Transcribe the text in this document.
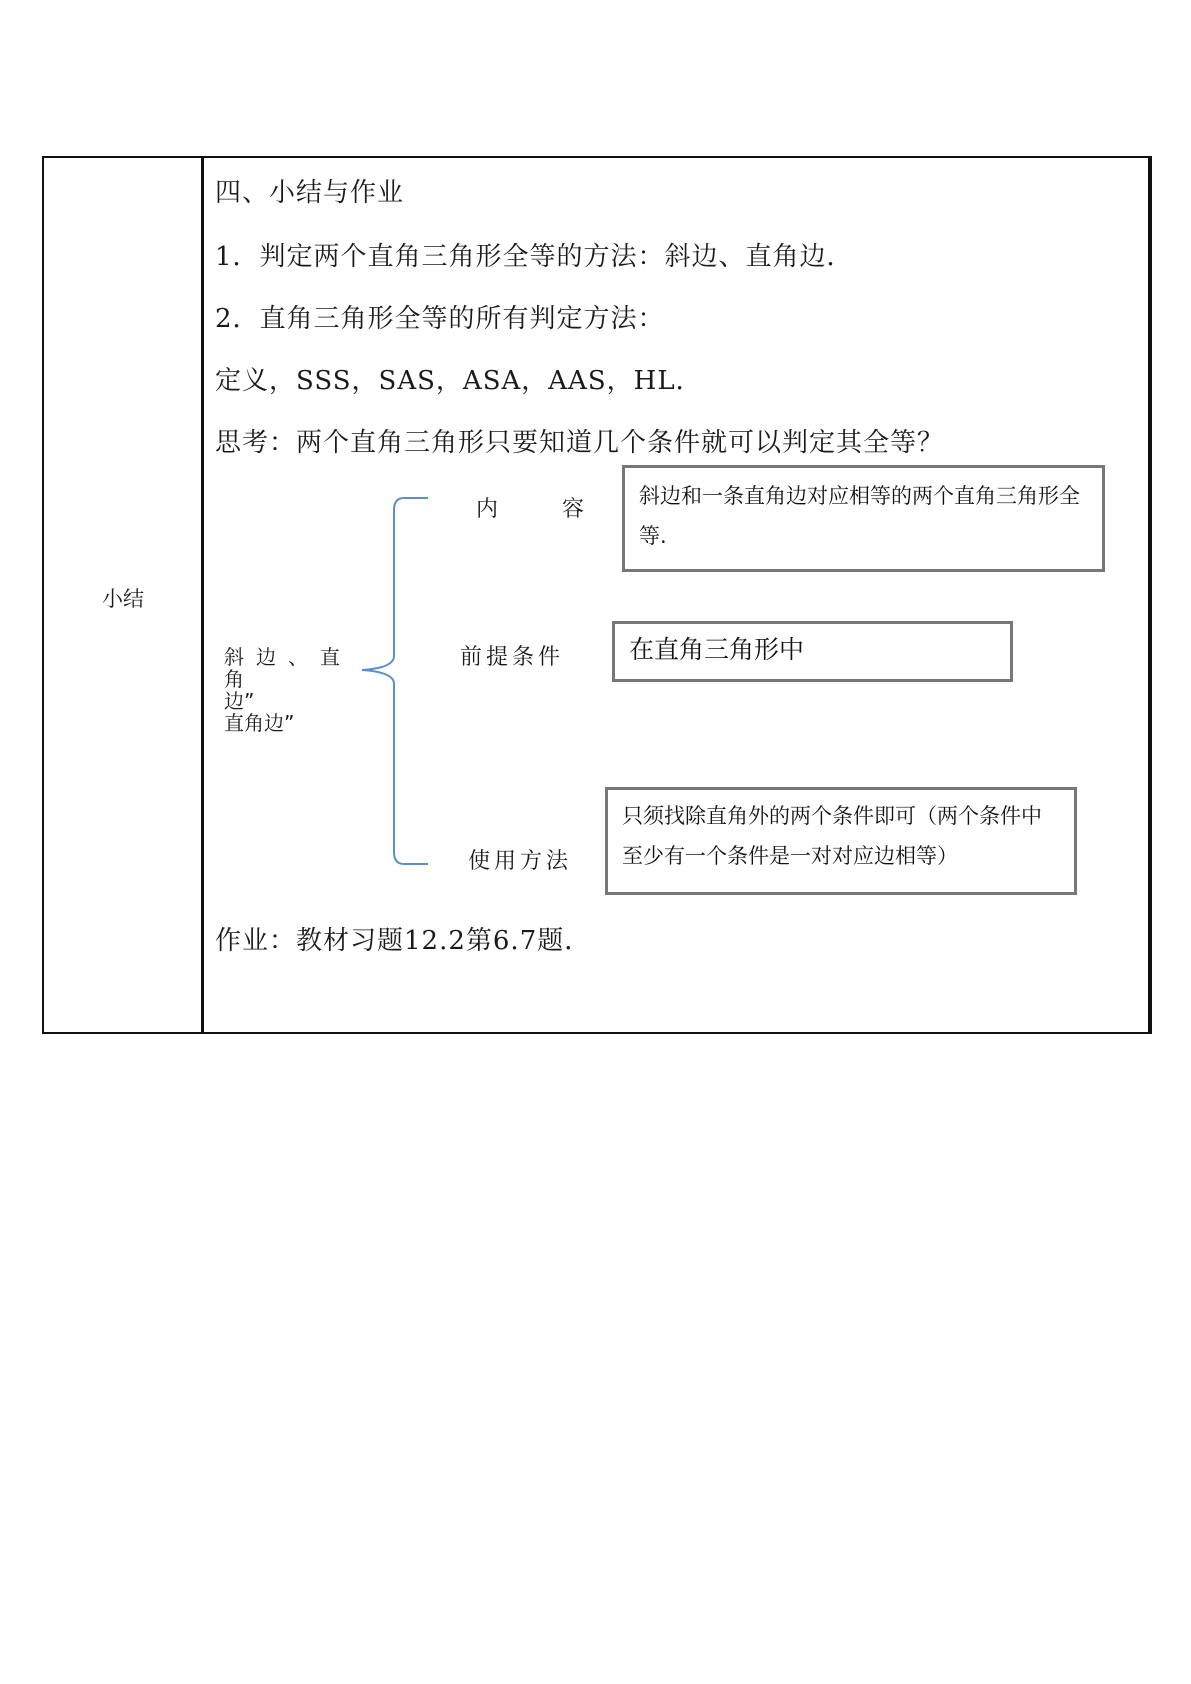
小结
四、小结与作业
1．判定两个直角三角形全等的方法：斜边、直角边．
2．直角三角形全等的所有判定方法：
定义，SSS，SAS，ASA，AAS，HL．
思考：两个直角三角形只要知道几个条件就可以判定其全等？
斜边、直角
边”
直角边”
内	容
前提条件
使用方法
斜边和一条直角边对应相等的两个直角三角形全等.
在直角三角形中
只须找除直角外的两个条件即可（两个条件中至少有一个条件是一对对应边相等）
作业：教材习题12.2第6.7题．
